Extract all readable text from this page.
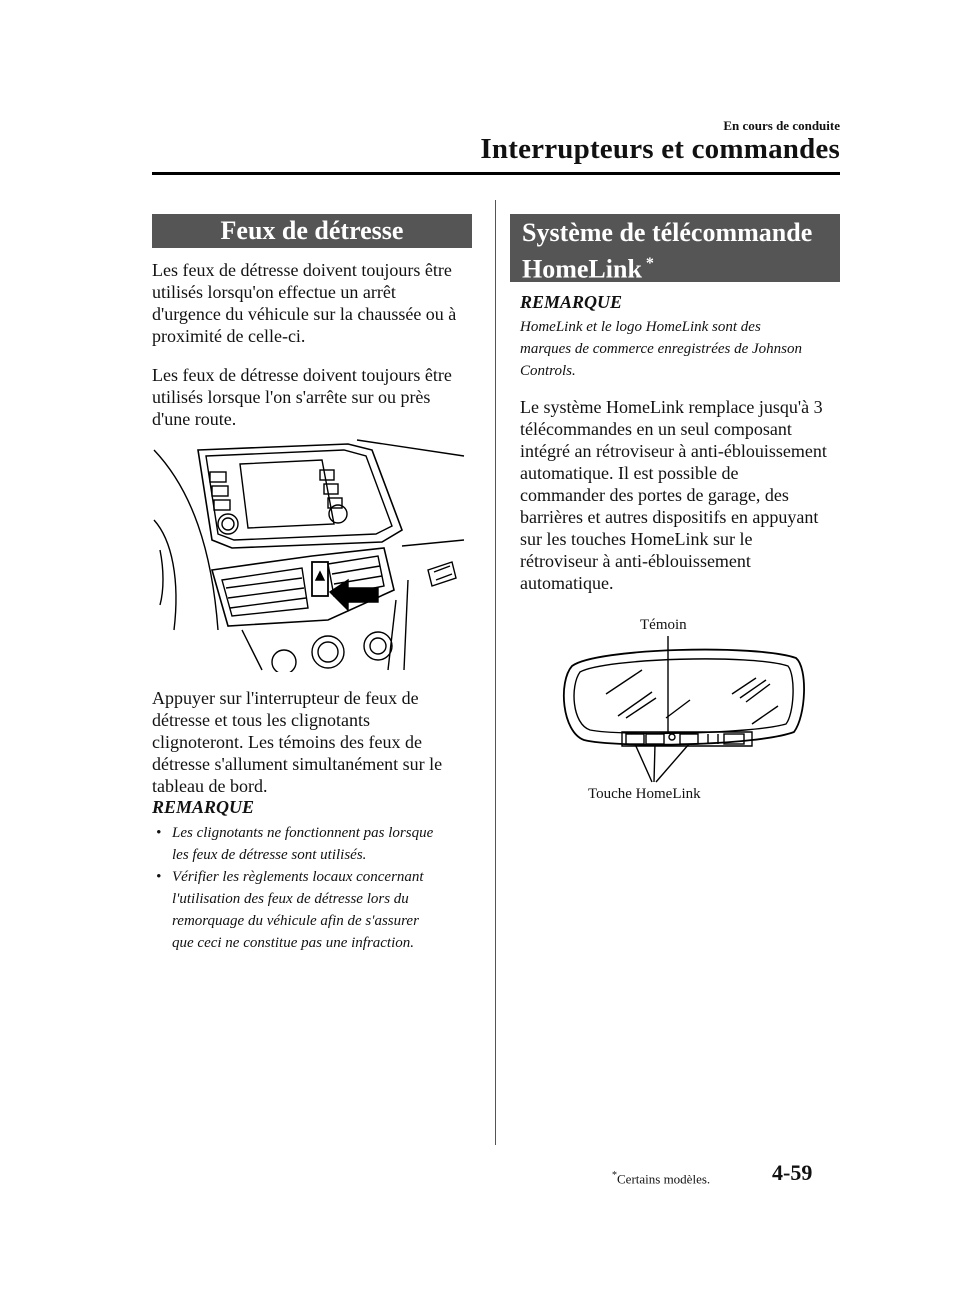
En cours de conduite
Interrupteurs et commandes
Feux de détresse
Les feux de détresse doivent toujours être
utilisés lorsqu'on effectue un arrêt
d'urgence du véhicule sur la chaussée ou à
proximité de celle-ci.
Les feux de détresse doivent toujours être
utilisés lorsque l'on s'arrête sur ou près
d'une route.
Appuyer sur l'interrupteur de feux de
détresse et tous les clignotants
clignoteront. Les témoins des feux de
détresse s'allument simultanément sur le
tableau de bord.
REMARQUE
• Les clignotants ne fonctionnent pas lorsque
les feux de détresse sont utilisés.
• Vérifier les règlements locaux concernant
l'utilisation des feux de détresse lors du
remorquage du véhicule afin de s'assurer
que ceci ne constitue pas une infraction.
Système de télécommande
HomeLink *
REMARQUE
HomeLink et le logo HomeLink sont des
marques de commerce enregistrées de Johnson
Controls.
Le système HomeLink remplace jusqu'à 3
télécommandes en un seul composant
intégré an rétroviseur à anti-éblouissement
automatique. Il est possible de
commander des portes de garage, des
barrières et autres dispositifs en appuyant
sur les touches HomeLink sur le
rétroviseur à anti-éblouissement
automatique.
Témoin
Touche HomeLink
*Certains modèles.	4-59
